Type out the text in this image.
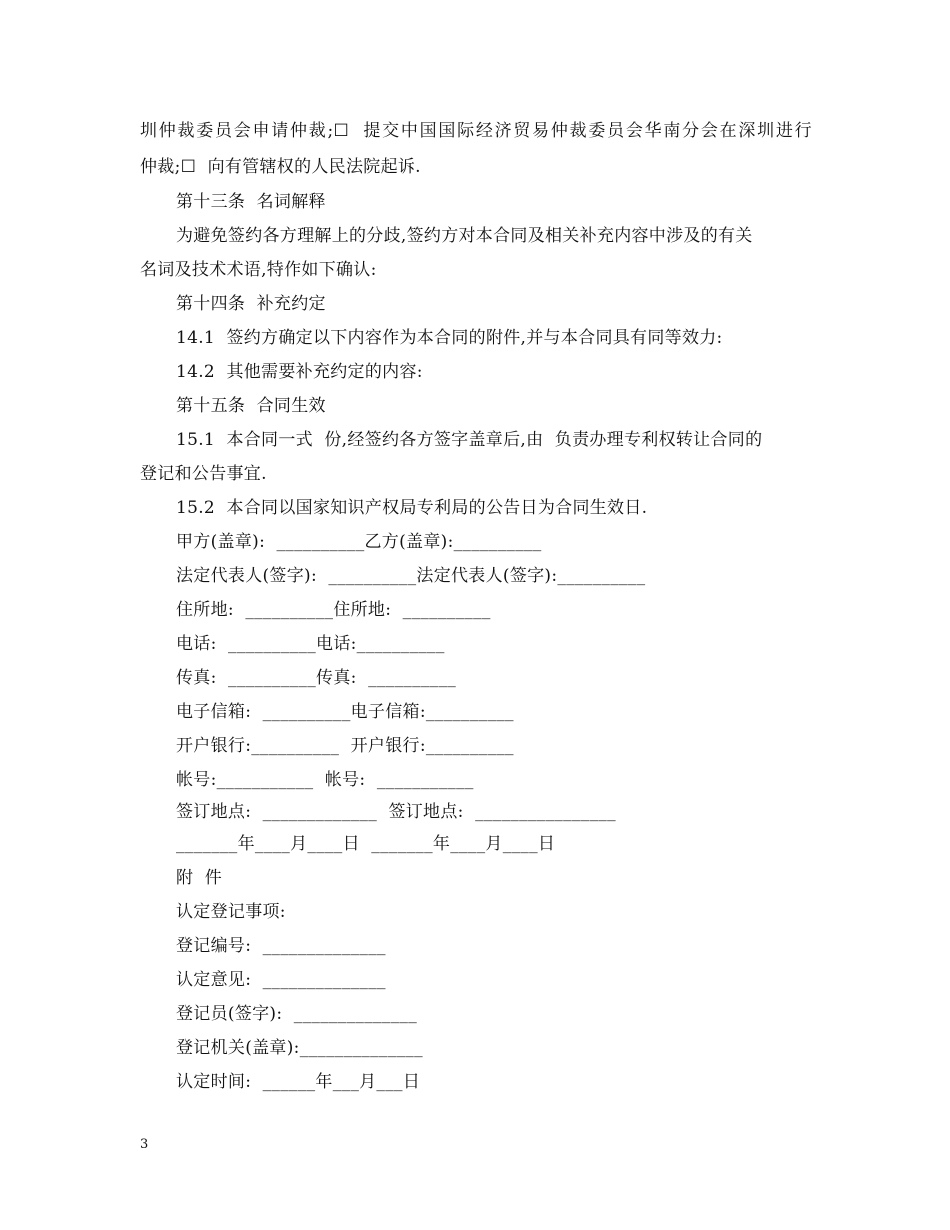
圳仲裁委员会申请仲裁;☐  提交中国国际经济贸易仲裁委员会华南分会在深圳进行
仲裁;☐  向有管辖权的人民法院起诉.
第十三条  名词解释
为避免签约各方理解上的分歧,签约方对本合同及相关补充内容中涉及的有关
名词及技术术语,特作如下确认:
第十四条  补充约定
14.1  签约方确定以下内容作为本合同的附件,并与本合同具有同等效力:
14.2  其他需要补充约定的内容:
第十五条  合同生效
15.1  本合同一式  份,经签约各方签字盖章后,由  负责办理专利权转让合同的
登记和公告事宜.
15.2  本合同以国家知识产权局专利局的公告日为合同生效日.
甲方(盖章):  __________乙方(盖章):__________
法定代表人(签字):  __________法定代表人(签字):__________
住所地:  __________住所地:  __________
电话:  __________电话:__________
传真:  __________传真:  __________
电子信箱:  __________电子信箱:__________
开户银行:__________  开户银行:__________
帐号:___________  帐号:  ___________
签订地点:  _____________  签订地点:  ________________
_______年____月____日  _______年____月____日
附  件
认定登记事项:
登记编号:  ______________
认定意见:  ______________
登记员(签字):  ______________
登记机关(盖章):______________
认定时间:  ______年___月___日
3
